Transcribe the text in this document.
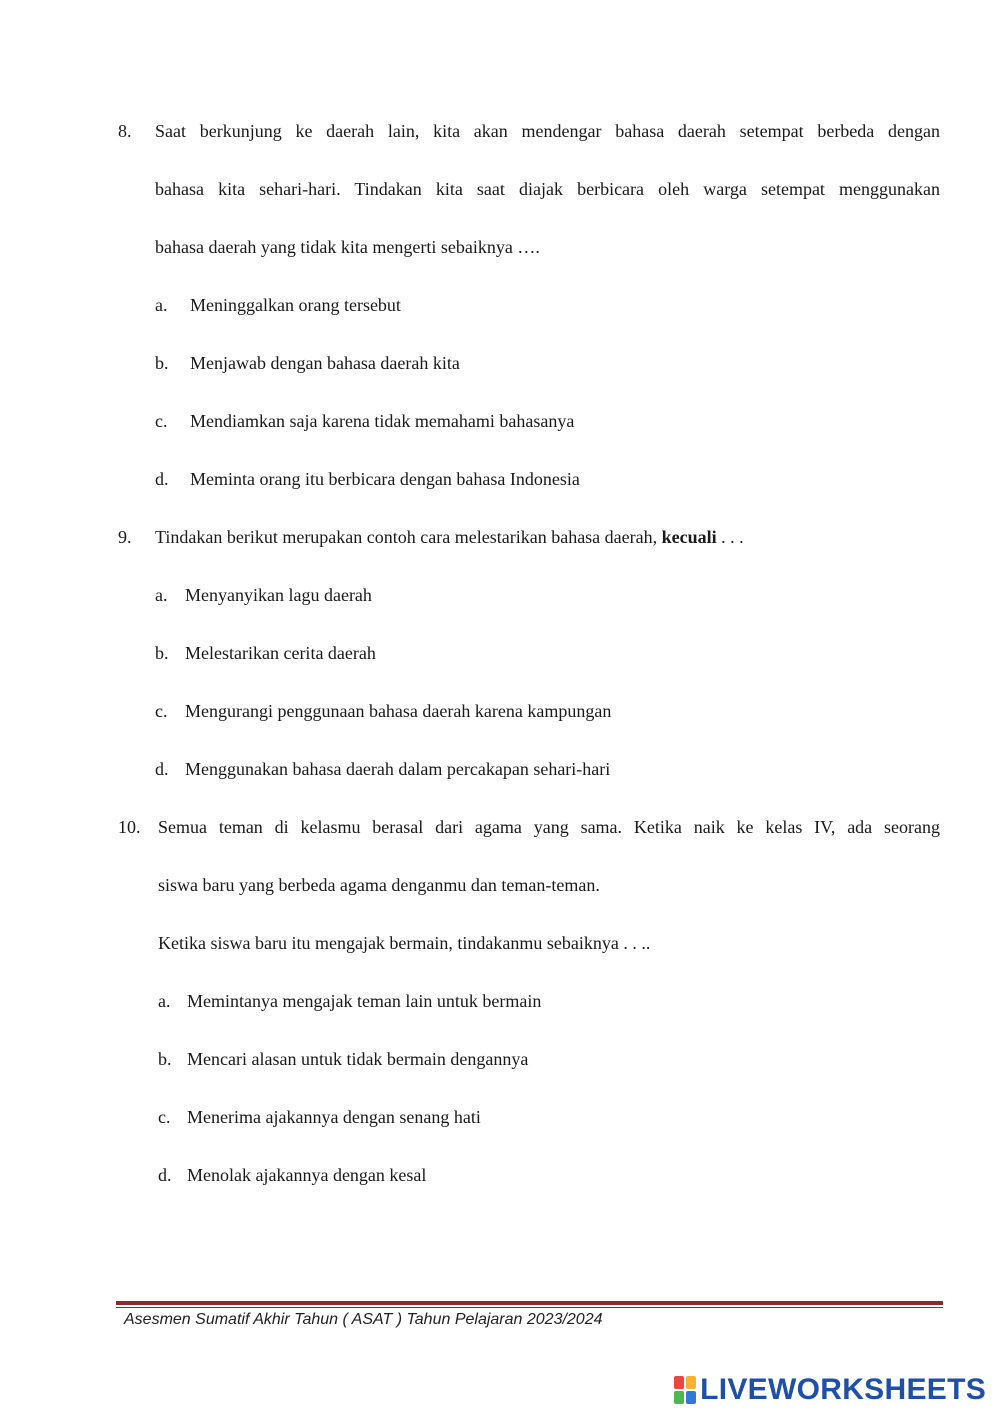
8. Saat berkunjung ke daerah lain, kita akan mendengar bahasa daerah setempat berbeda dengan
bahasa kita sehari-hari. Tindakan kita saat diajak berbicara oleh warga setempat menggunakan
bahasa daerah yang tidak kita mengerti sebaiknya ….
a. Meninggalkan orang tersebut
b. Menjawab dengan bahasa daerah kita
c. Mendiamkan saja karena tidak memahami bahasanya
d. Meminta orang itu berbicara dengan bahasa Indonesia
9. Tindakan berikut merupakan contoh cara melestarikan bahasa daerah, kecuali . . .
a. Menyanyikan lagu daerah
b. Melestarikan cerita daerah
c. Mengurangi penggunaan bahasa daerah karena kampungan
d. Menggunakan bahasa daerah dalam percakapan sehari-hari
10. Semua teman di kelasmu berasal dari agama yang sama. Ketika naik ke kelas IV, ada seorang
siswa baru yang berbeda agama denganmu dan teman-teman.
Ketika siswa baru itu mengajak bermain, tindakanmu sebaiknya . . ..
a. Memintanya mengajak teman lain untuk bermain
b. Mencari alasan untuk tidak bermain dengannya
c. Menerima ajakannya dengan senang hati
d. Menolak ajakannya dengan kesal
Asesmen Sumatif Akhir Tahun ( ASAT ) Tahun Pelajaran 2023/2024
LIVEWORKSHEETS
